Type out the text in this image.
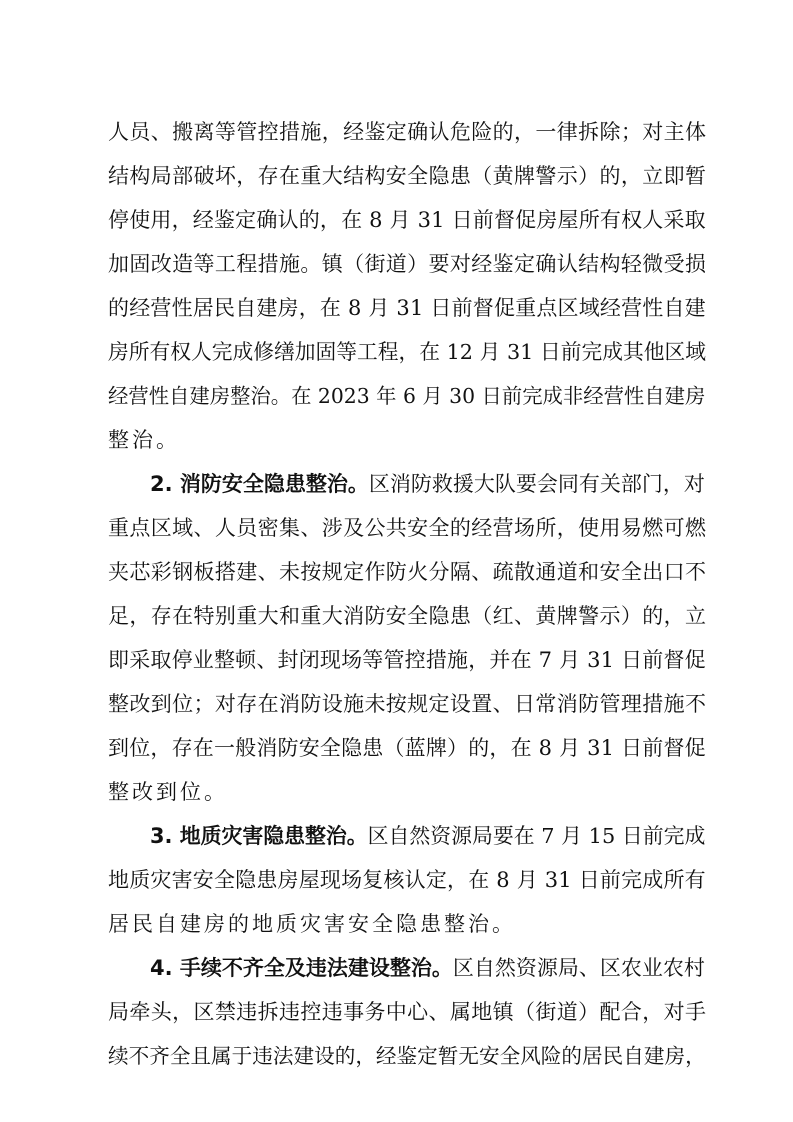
人员、搬离等管控措施，经鉴定确认危险的，一律拆除；对主体
结构局部破坏，存在重大结构安全隐患（黄牌警示）的，立即暂
停使用，经鉴定确认的，在 8 月 31 日前督促房屋所有权人采取
加固改造等工程措施。镇（街道）要对经鉴定确认结构轻微受损
的经营性居民自建房，在 8 月 31 日前督促重点区域经营性自建
房所有权人完成修缮加固等工程，在 12 月 31 日前完成其他区域
经营性自建房整治。在 2023 年 6 月 30 日前完成非经营性自建房
整治。
2. 消防安全隐患整治。区消防救援大队要会同有关部门，对
重点区域、人员密集、涉及公共安全的经营场所，使用易燃可燃
夹芯彩钢板搭建、未按规定作防火分隔、疏散通道和安全出口不
足，存在特别重大和重大消防安全隐患（红、黄牌警示）的，立
即采取停业整顿、封闭现场等管控措施，并在 7 月 31 日前督促
整改到位；对存在消防设施未按规定设置、日常消防管理措施不
到位，存在一般消防安全隐患（蓝牌）的，在 8 月 31 日前督促
整改到位。
3. 地质灾害隐患整治。区自然资源局要在 7 月 15 日前完成
地质灾害安全隐患房屋现场复核认定，在 8 月 31 日前完成所有
居民自建房的地质灾害安全隐患整治。
4. 手续不齐全及违法建设整治。区自然资源局、区农业农村
局牵头，区禁违拆违控违事务中心、属地镇（街道）配合，对手
续不齐全且属于违法建设的，经鉴定暂无安全风险的居民自建房，
